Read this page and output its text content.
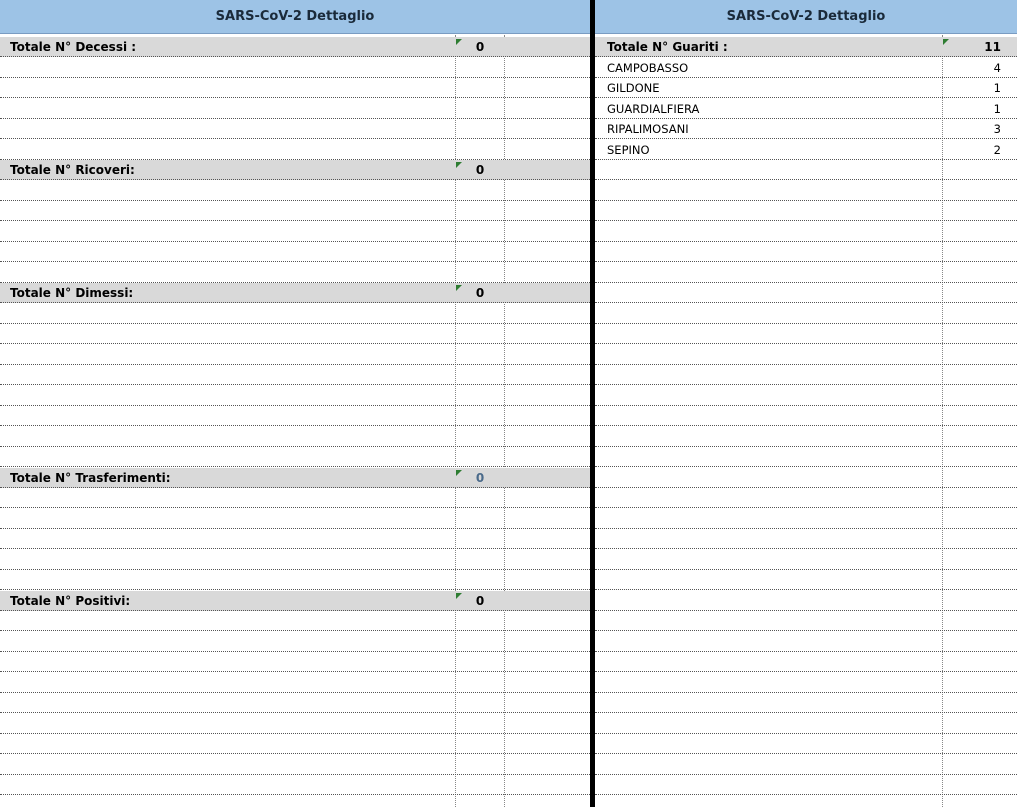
SARS-CoV-2 Dettaglio
Totale N° Decessi :	0
Totale N° Ricoveri:	0
Totale N° Dimessi:	0
Totale N° Trasferimenti:	0
Totale N° Positivi:	0
SARS-CoV-2 Dettaglio
Totale N° Guariti :	11
CAMPOBASSO	4
GILDONE	1
GUARDIALFIERA	1
RIPALIMOSANI	3
SEPINO	2
